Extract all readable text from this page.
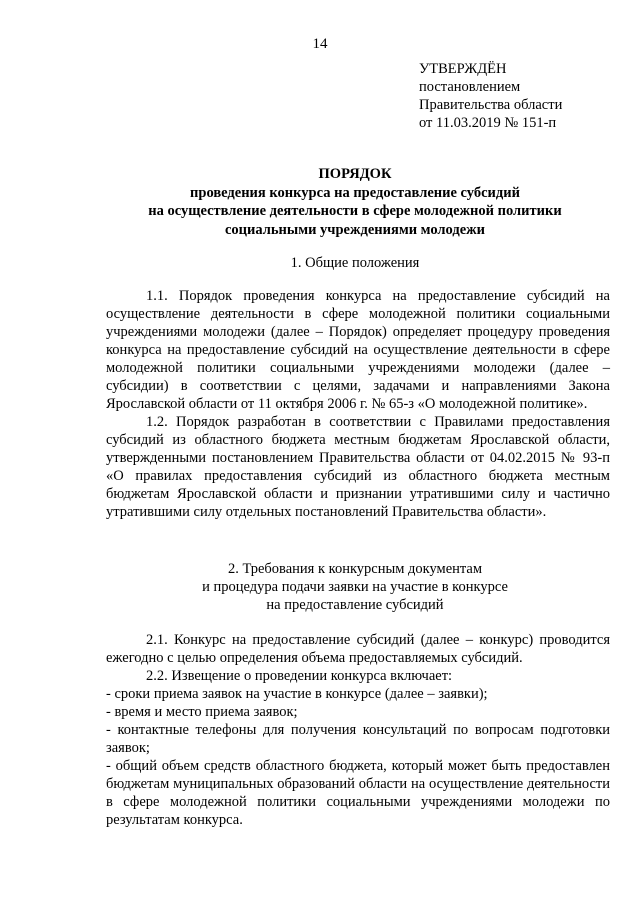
14
УТВЕРЖДЁН
постановлением
Правительства области
от 11.03.2019 № 151-п
ПОРЯДОК
проведения конкурса на предоставление субсидий
на осуществление деятельности в сфере молодежной политики
социальными учреждениями молодежи
1. Общие положения
1.1. Порядок проведения конкурса на предоставление субсидий на осуществление деятельности в сфере молодежной политики социальными учреждениями молодежи (далее – Порядок) определяет процедуру проведения конкурса на предоставление субсидий на осуществление деятельности в сфере молодежной политики социальными учреждениями молодежи (далее – субсидии) в соответствии с целями, задачами и направлениями Закона Ярославской области от 11 октября 2006 г. № 65-з «О молодежной политике».
1.2. Порядок разработан в соответствии с Правилами предоставления субсидий из областного бюджета местным бюджетам Ярославской области, утвержденными постановлением Правительства области от 04.02.2015 № 93-п «О правилах предоставления субсидий из областного бюджета местным бюджетам Ярославской области и признании утратившими силу и частично утратившими силу отдельных постановлений Правительства области».
2. Требования к конкурсным документам
и процедура подачи заявки на участие в конкурсе
на предоставление субсидий
2.1. Конкурс на предоставление субсидий (далее – конкурс) проводится ежегодно с целью определения объема предоставляемых субсидий.
2.2. Извещение о проведении конкурса включает:
- сроки приема заявок на участие в конкурсе (далее – заявки);
- время и место приема заявок;
- контактные телефоны для получения консультаций по вопросам подготовки заявок;
- общий объем средств областного бюджета, который может быть предоставлен бюджетам муниципальных образований области на осуществление деятельности в сфере молодежной политики социальными учреждениями молодежи по результатам конкурса.
